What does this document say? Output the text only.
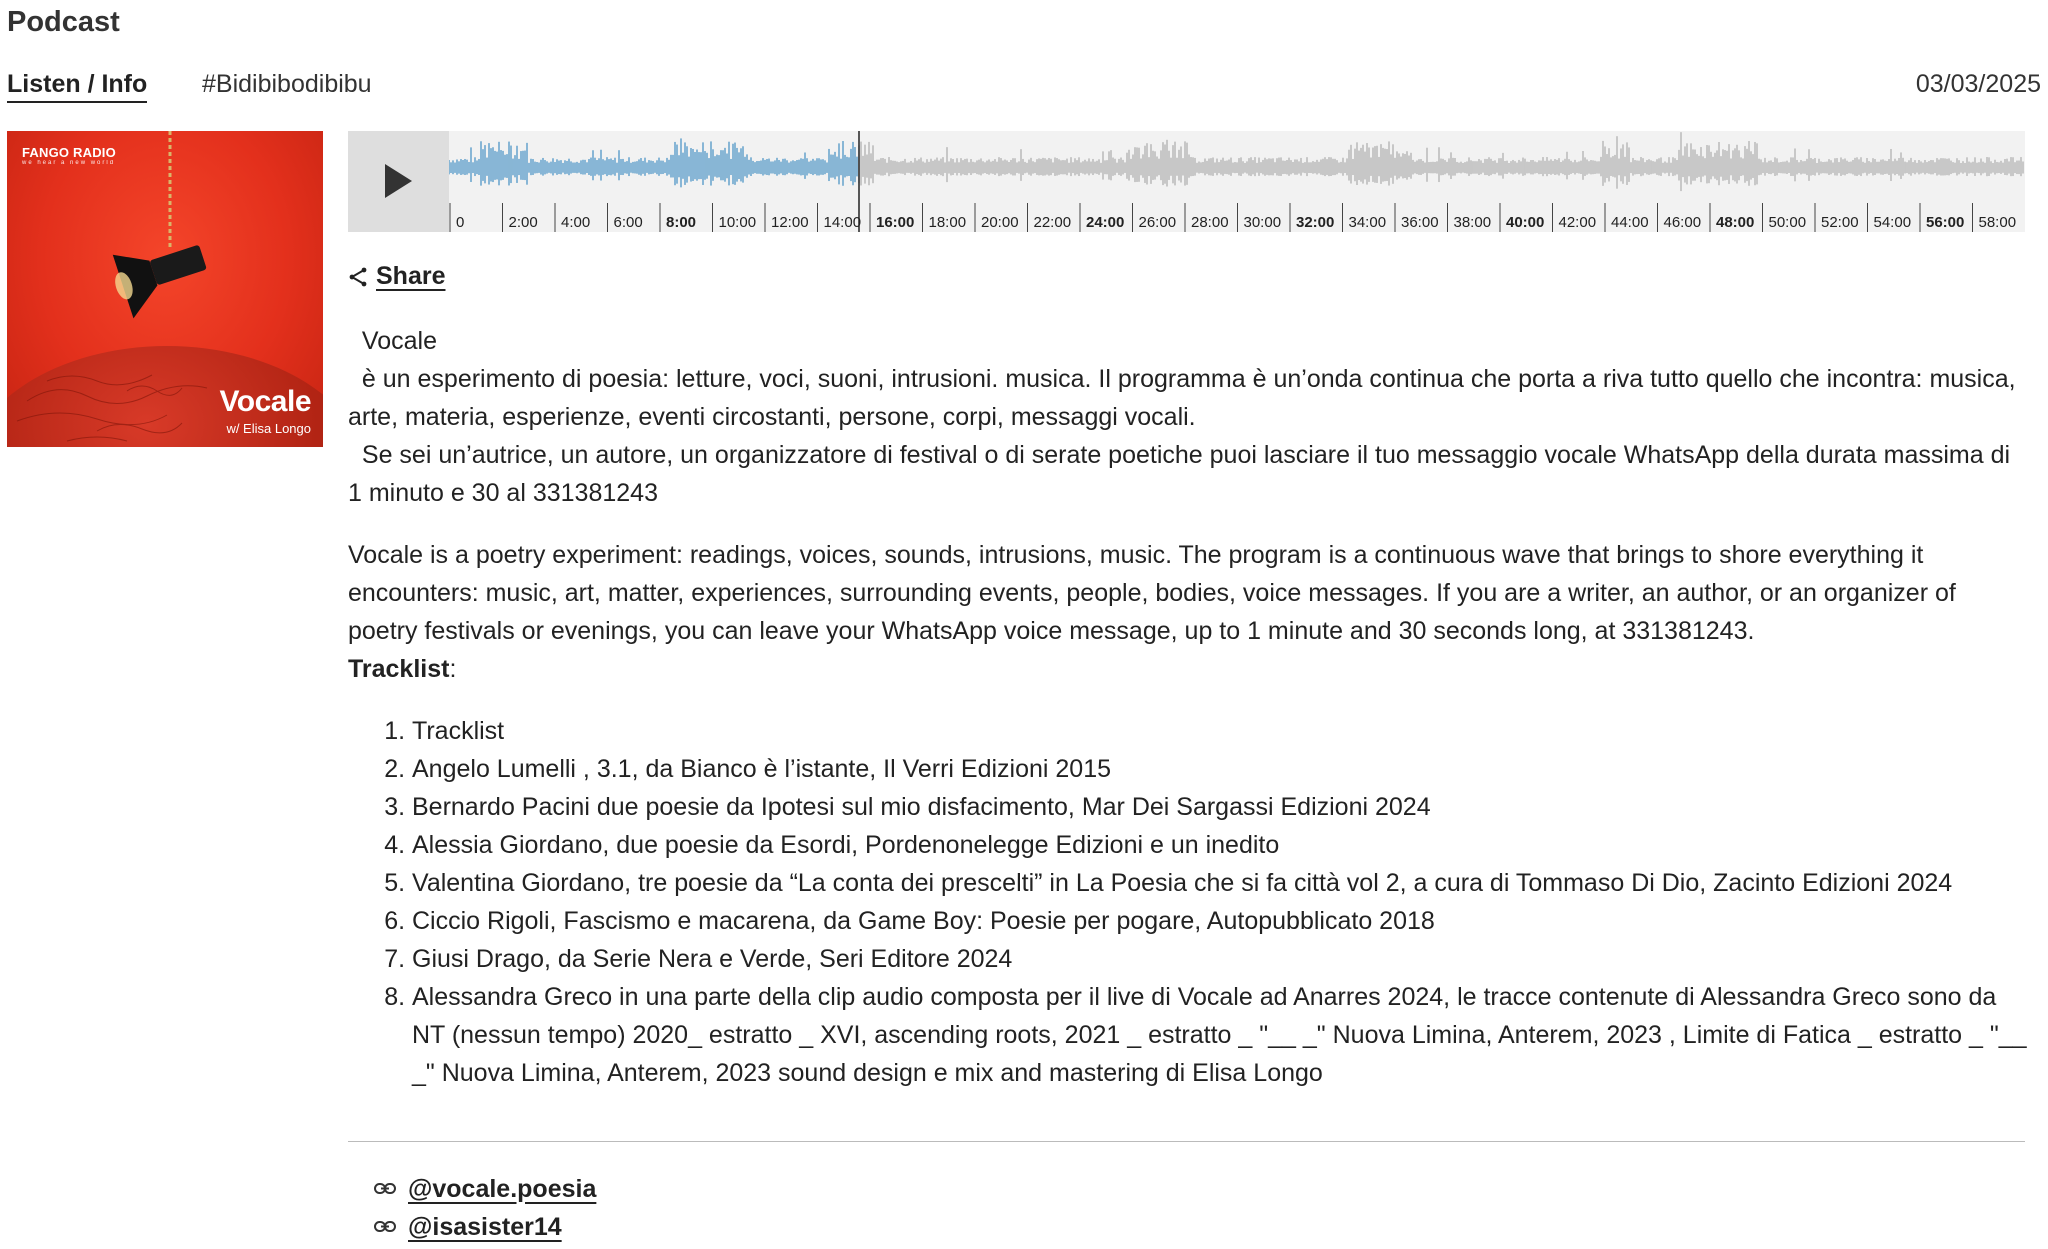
Podcast
Listen / Info #Bidibibodibibu	03/03/2025
FANGO RADIO
we hear a new world
Vocale
w/ Elisa Longo
0	2:00 4:00 6:00 8:00 10:00 12:00 14:00 16:00 18:00 20:00 22:00 24:00 26:00 28:00 30:00 32:00 34:00 36:00 38:00 40:00 42:00 44:00 46:00 48:00 50:00 52:00 54:00 56:00 58:00
Share

Vocale

è un esperimento di poesia: letture, voci, suoni, intrusioni. musica. Il programma è un’onda continua che porta a riva tutto quello che incontra: musica, arte, materia, esperienze, eventi circostanti, persone, corpi, messaggi vocali.

Se sei un’autrice, un autore, un organizzatore di festival o di serate poetiche puoi lasciare il tuo messaggio vocale WhatsApp della durata massima di 1 minuto e 30 al 331381243

Vocale is a poetry experiment: readings, voices, sounds, intrusions, music. The program is a continuous wave that brings to shore everything it encounters: music, art, matter, experiences, surrounding events, people, bodies, voice messages. If you are a writer, an author, or an organizer of poetry festivals or evenings, you can leave your WhatsApp voice message, up to 1 minute and 30 seconds long, at 331381243.

Tracklist:

1. Tracklist
2. Angelo Lumelli , 3.1, da Bianco è l’istante, Il Verri Edizioni 2015
3. Bernardo Pacini due poesie da Ipotesi sul mio disfacimento, Mar Dei Sargassi Edizioni 2024
4. Alessia Giordano, due poesie da Esordi, Pordenonelegge Edizioni e un inedito
5. Valentina Giordano, tre poesie da “La conta dei prescelti” in La Poesia che si fa città vol 2, a cura di Tommaso Di Dio, Zacinto Edizioni 2024
6. Ciccio Rigoli, Fascismo e macarena, da Game Boy: Poesie per pogare, Autopubblicato 2018
7. Giusi Drago, da Serie Nera e Verde, Seri Editore 2024
8. Alessandra Greco in una parte della clip audio composta per il live di Vocale ad Anarres 2024, le tracce contenute di Alessandra Greco sono da NT (nessun tempo) 2020_ estratto _ XVI, ascending roots, 2021 _ estratto _ "__ _" Nuova Limina, Anterem, 2023 , Limite di Fatica _ estratto _ "__ _" Nuova Limina, Anterem, 2023 sound design e mix and mastering di Elisa Longo
@vocale.poesia
@isasister14
